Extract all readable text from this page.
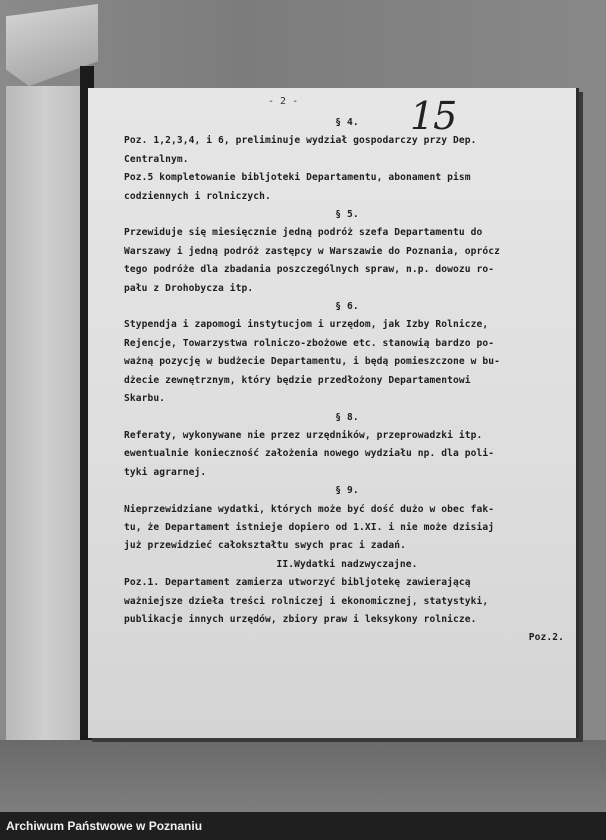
- 2 -	15

§ 4.

Poz. 1,2,3,4, i 6, preliminuje wydział gospodarczy przy Dep.

Centralnym.

Poz.5 kompletowanie bibljoteki Departamentu, abonament pism

codziennych i rolniczych.

§ 5.

Przewiduje się miesięcznie jedną podróż szefa Departamentu do

Warszawy i jedną podróż zastępcy w Warszawie do Poznania, oprócz

tego podróże dla zbadania poszczególnych spraw, n.p. dowozu ro-

pału z Drohobycza itp.

§ 6.

Stypendja i zapomogi instytucjom i urzędom, jak Izby Rolnicze,

Rejencje, Towarzystwa rolniczo-zbożowe etc. stanowią bardzo po-

ważną pozycję w budżecie Departamentu, i będą pomieszczone w bu-

dżecie zewnętrznym, który będzie przedłożony Departamentowi

Skarbu.

§ 8.

Referaty, wykonywane nie przez urzędników, przeprowadzki itp.

ewentualnie konieczność założenia nowego wydziału np. dla poli-

tyki agrarnej.

§ 9.

Nieprzewidziane wydatki, których może być dość dużo w obec fak-

tu, że Departament istnieje dopiero od 1.XI. i nie może dzisiaj

już przewidzieć całokształtu swych prac i zadań.

II.Wydatki nadzwyczajne.

Poz.1. Departament zamierza utworzyć bibljotekę zawierającą

ważniejsze dzieła treści rolniczej i ekonomicznej, statystyki,

publikacje innych urzędów, zbiory praw i leksykony rolnicze.

Poz.2.

Archiwum Państwowe w Poznaniu
